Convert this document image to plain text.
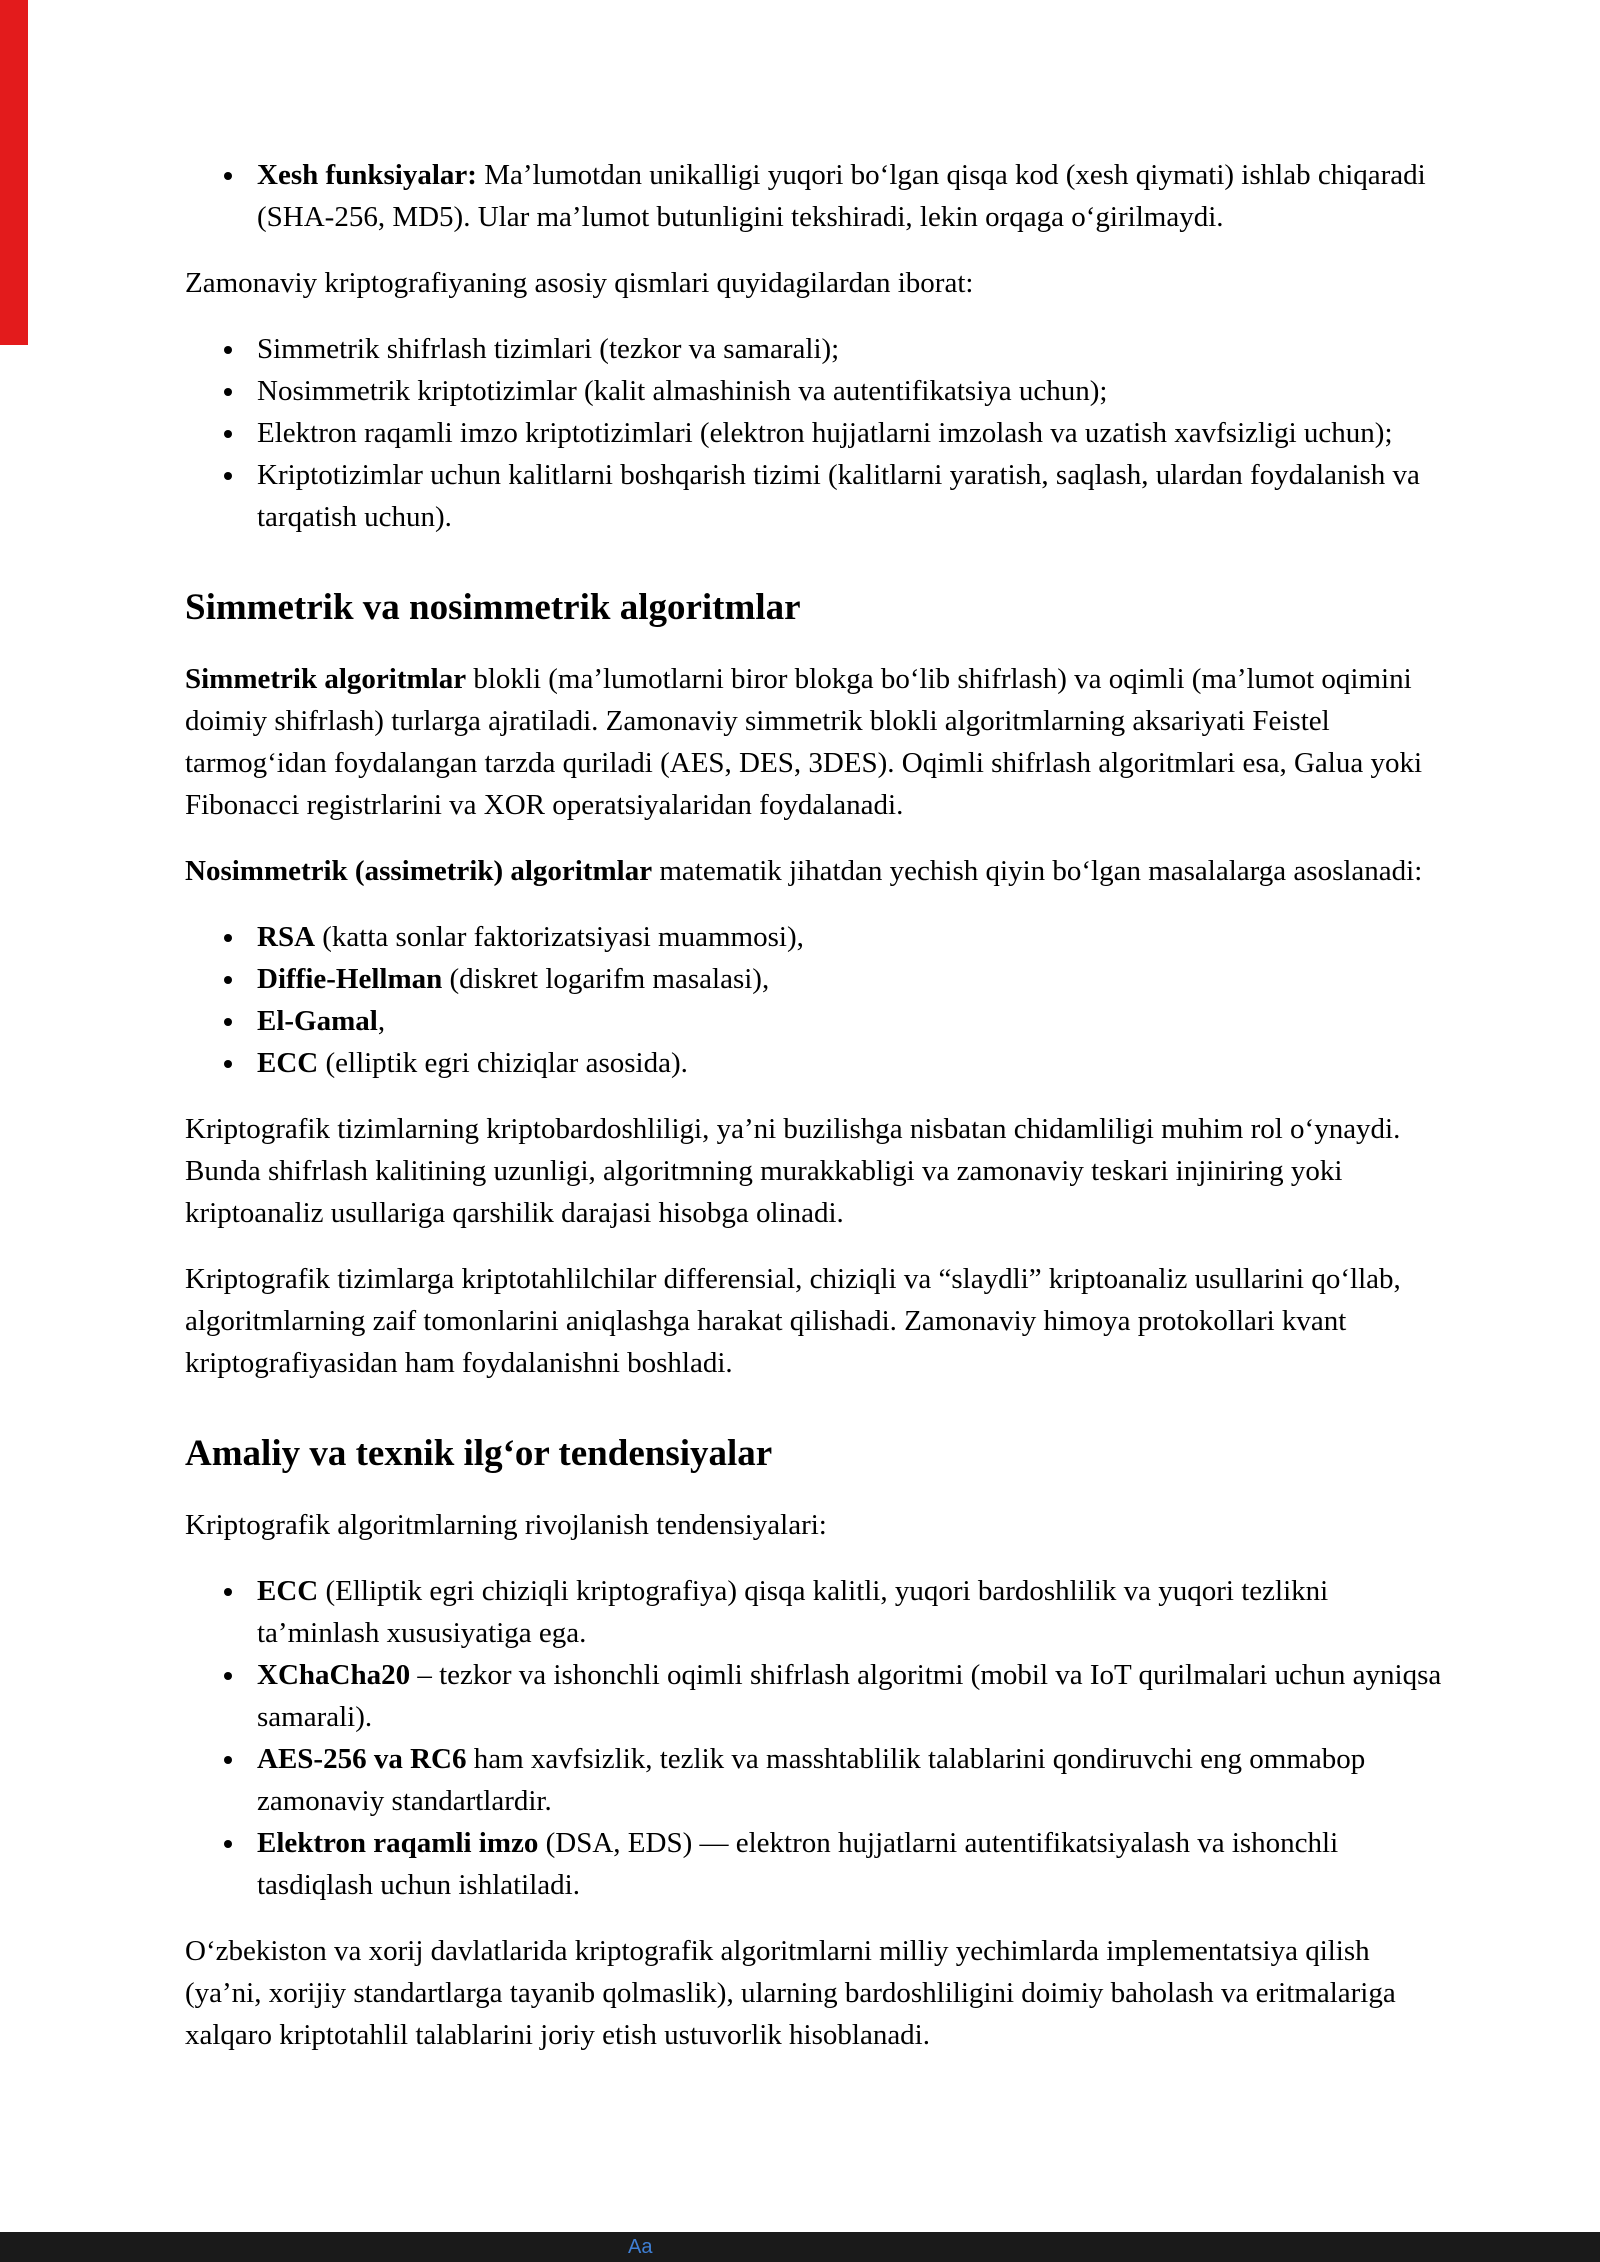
• Xesh funksiyalar: Ma’lumotdan unikalligi yuqori boʻlgan qisqa kod (xesh qiymati) ishlab chiqaradi (SHA-256, MD5). Ular ma’lumot butunligini tekshiradi, lekin orqaga oʻgirilmaydi.

Zamonaviy kriptografiyaning asosiy qismlari quyidagilardan iborat:

• Simmetrik shifrlash tizimlari (tezkor va samarali);
• Nosimmetrik kriptotizimlar (kalit almashinish va autentifikatsiya uchun);
• Elektron raqamli imzo kriptotizimlari (elektron hujjatlarni imzolash va uzatish xavfsizligi uchun);
• Kriptotizimlar uchun kalitlarni boshqarish tizimi (kalitlarni yaratish, saqlash, ulardan foydalanish va tarqatish uchun).
Simmetrik va nosimmetrik algoritmlar

Simmetrik algoritmlar blokli (ma’lumotlarni biror blokga boʻlib shifrlash) va oqimli (ma’lumot oqimini doimiy shifrlash) turlarga ajratiladi. Zamonaviy simmetrik blokli algoritmlarning aksariyati Feistel tarmogʻidan foydalangan tarzda quriladi (AES, DES, 3DES). Oqimli shifrlash algoritmlari esa, Galua yoki Fibonacci registrlarini va XOR operatsiyalaridan foydalanadi.

Nosimmetrik (assimetrik) algoritmlar matematik jihatdan yechish qiyin boʻlgan masalalarga asoslanadi:

• RSA (katta sonlar faktorizatsiyasi muammosi),
• Diffie-Hellman (diskret logarifm masalasi),
• El-Gamal,
• ECC (elliptik egri chiziqlar asosida).

Kriptografik tizimlarning kriptobardoshliligi, ya’ni buzilishga nisbatan chidamliligi muhim rol oʻynaydi. Bunda shifrlash kalitining uzunligi, algoritmning murakkabligi va zamonaviy teskari injiniring yoki kriptoanaliz usullariga qarshilik darajasi hisobga olinadi.

Kriptografik tizimlarga kriptotahlilchilar differensial, chiziqli va “slaydli” kriptoanaliz usullarini qoʻllab, algoritmlarning zaif tomonlarini aniqlashga harakat qilishadi. Zamonaviy himoya protokollari kvant kriptografiyasidan ham foydalanishni boshladi.

Amaliy va texnik ilgʻor tendensiyalar

Kriptografik algoritmlarning rivojlanish tendensiyalari:

• ECC (Elliptik egri chiziqli kriptografiya) qisqa kalitli, yuqori bardoshlilik va yuqori tezlikni ta’minlash xususiyatiga ega.
• XChaCha20 – tezkor va ishonchli oqimli shifrlash algoritmi (mobil va IoT qurilmalari uchun ayniqsa samarali).
• AES-256 va RC6 ham xavfsizlik, tezlik va masshtablilik talablarini qondiruvchi eng ommabop zamonaviy standartlardir.
• Elektron raqamli imzo (DSA, EDS) — elektron hujjatlarni autentifikatsiyalash va ishonchli tasdiqlash uchun ishlatiladi.

Oʻzbekiston va xorij davlatlarida kriptografik algoritmlarni milliy yechimlarda implementatsiya qilish (ya’ni, xorijiy standartlarga tayanib qolmaslik), ularning bardoshliligini doimiy baholash va eritmalariga xalqaro kriptotahlil talablarini joriy etish ustuvorlik hisoblanadi.

Aa
